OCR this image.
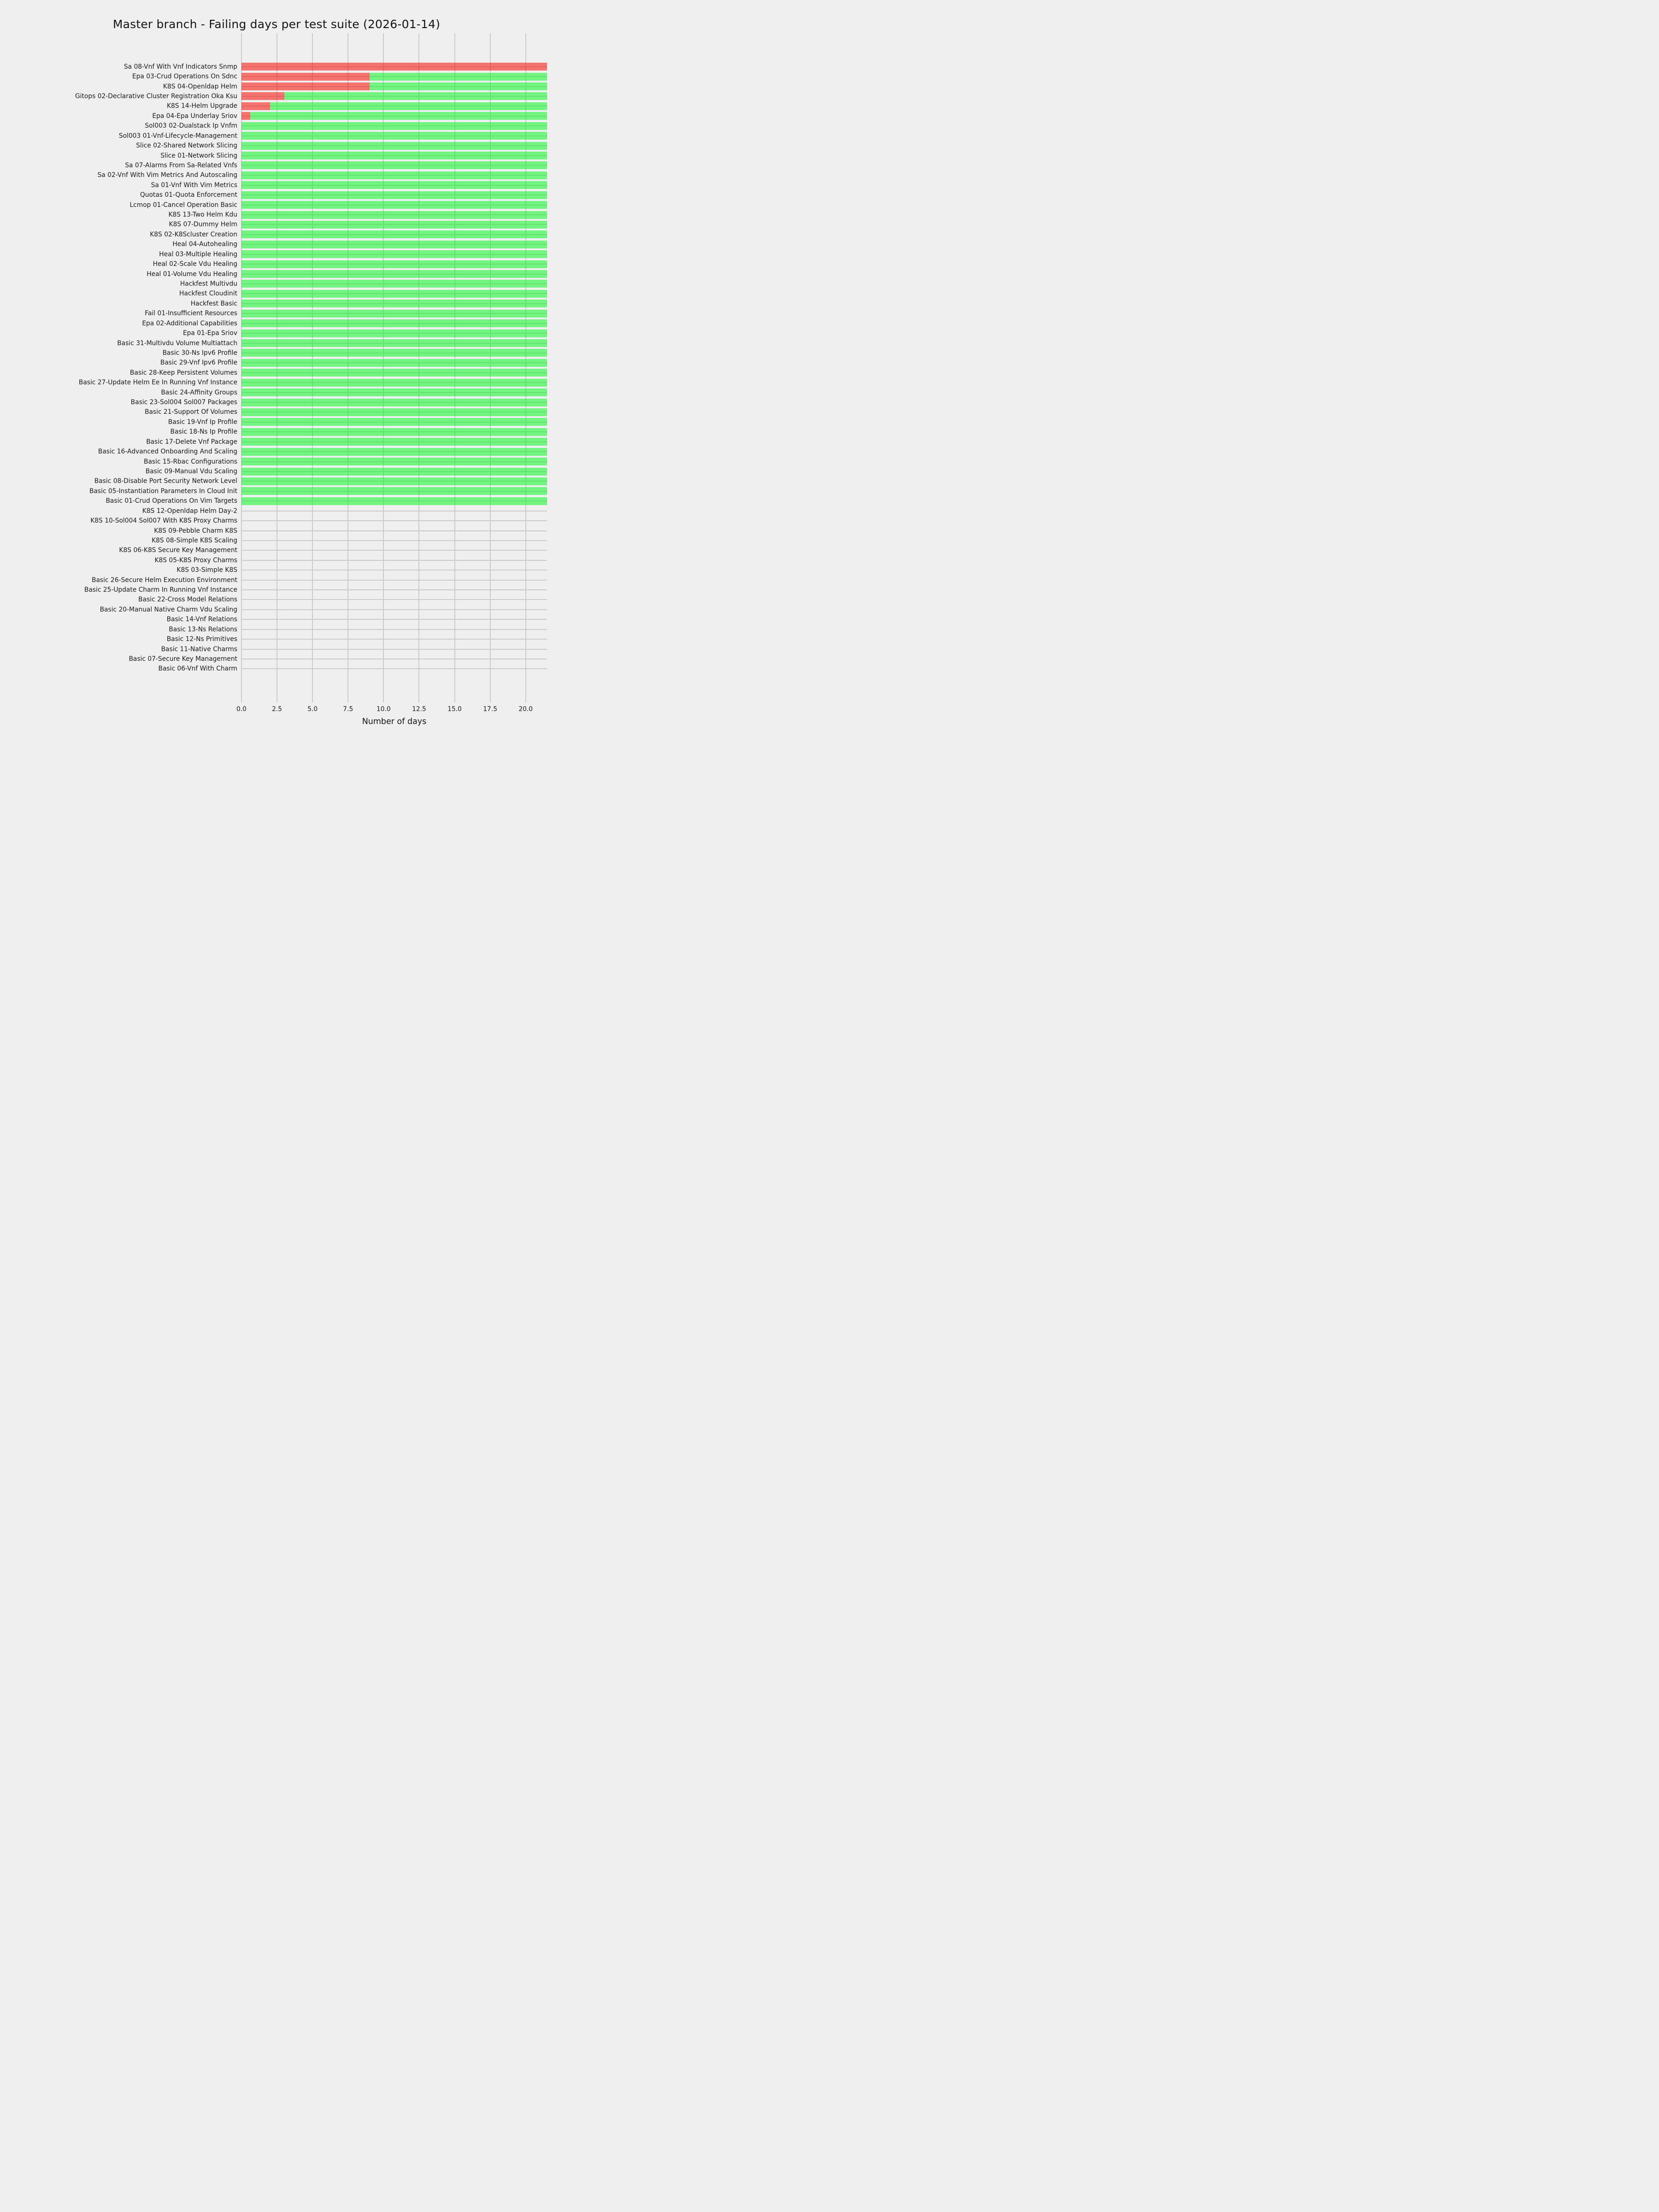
Master branch - Failing days per test suite (2026-01-14)
Sa 08-Vnf With Vnf Indicators Snmp
Epa 03-Crud Operations On Sdnc
K8S 04-Openldap Helm
Gitops 02-Declarative Cluster Registration Oka Ksu
K8S 14-Helm Upgrade
Epa 04-Epa Underlay Sriov
Sol003 02-Dualstack Ip Vnfm
Sol003 01-Vnf-Lifecycle-Management
Slice 02-Shared Network Slicing
Slice 01-Network Slicing
Sa 07-Alarms From Sa-Related Vnfs
Sa 02-Vnf With Vim Metrics And Autoscaling
Sa 01-Vnf With Vim Metrics
Quotas 01-Quota Enforcement
Lcmop 01-Cancel Operation Basic
K8S 13-Two Helm Kdu
K8S 07-Dummy Helm
K8S 02-K8Scluster Creation
Heal 04-Autohealing
Heal 03-Multiple Healing
Heal 02-Scale Vdu Healing
Heal 01-Volume Vdu Healing
Hackfest Multivdu
Hackfest Cloudinit
Hackfest Basic
Fail 01-Insufficient Resources
Epa 02-Additional Capabilities
Epa 01-Epa Sriov
Basic 31-Multivdu Volume Multiattach
Basic 30-Ns Ipv6 Profile
Basic 29-Vnf Ipv6 Profile
Basic 28-Keep Persistent Volumes
Basic 27-Update Helm Ee In Running Vnf Instance
Basic 24-Affinity Groups
Basic 23-Sol004 Sol007 Packages
Basic 21-Support Of Volumes
Basic 19-Vnf Ip Profile
Basic 18-Ns Ip Profile
Basic 17-Delete Vnf Package
Basic 16-Advanced Onboarding And Scaling
Basic 15-Rbac Configurations
Basic 09-Manual Vdu Scaling
Basic 08-Disable Port Security Network Level
Basic 05-Instantiation Parameters In Cloud Init
Basic 01-Crud Operations On Vim Targets
K8S 12-Openldap Helm Day-2
K8S 10-Sol004 Sol007 With K8S Proxy Charms
K8S 09-Pebble Charm K8S
K8S 08-Simple K8S Scaling
K8S 06-K8S Secure Key Management
K8S 05-K8S Proxy Charms
K8S 03-Simple K8S
Basic 26-Secure Helm Execution Environment
Basic 25-Update Charm In Running Vnf Instance
Basic 22-Cross Model Relations
Basic 20-Manual Native Charm Vdu Scaling
Basic 14-Vnf Relations
Basic 13-Ns Relations
Basic 12-Ns Primitives
Basic 11-Native Charms
Basic 07-Secure Key Management
Basic 06-Vnf With Charm
0.0	2.5	5.0	7.5	10.0	12.5	15.0	17.5	20.0
Number of days
